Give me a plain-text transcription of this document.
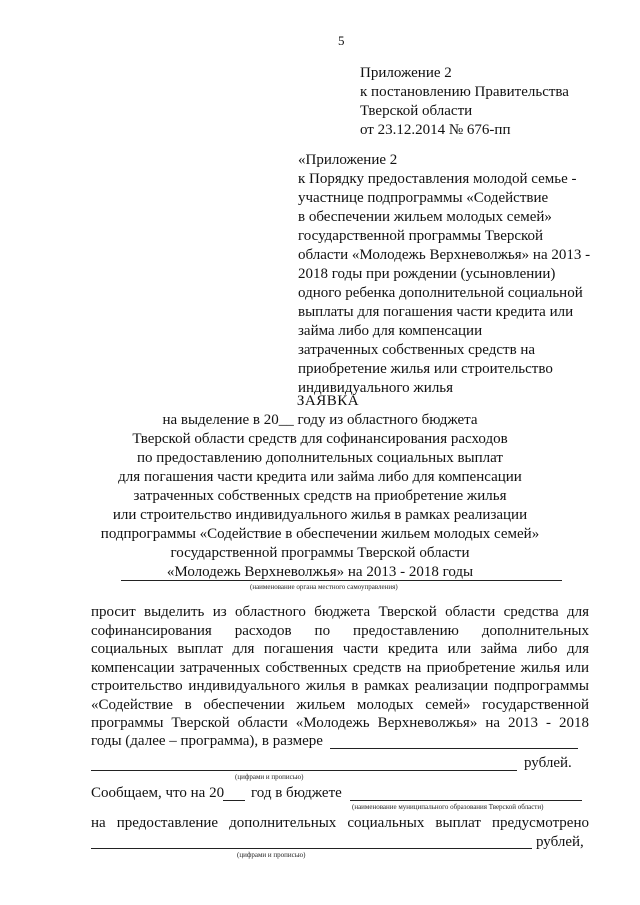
5
Приложение 2
к постановлению Правительства
Тверской области
от 23.12.2014 № 676-пп
«Приложение 2
к Порядку предоставления молодой семье -
участнице подпрограммы «Содействие
в обеспечении жильем молодых семей»
государственной программы Тверской
области «Молодежь Верхневолжья» на 2013 -
2018 годы при рождении (усыновлении)
одного ребенка дополнительной социальной
выплаты для погашения части кредита или
займа либо для компенсации
затраченных собственных средств на
приобретение жилья или строительство
индивидуального жилья
ЗАЯВКА
на выделение в 20__ году из областного бюджета
Тверской области средств для софинансирования расходов
по предоставлению дополнительных социальных выплат
для погашения части кредита или займа либо для компенсации
затраченных собственных средств на приобретение жилья
или строительство индивидуального жилья в рамках реализации
подпрограммы «Содействие в обеспечении жильем молодых семей»
государственной программы Тверской области
«Молодежь Верхневолжья» на 2013 - 2018 годы
(наименование органа местного самоуправления)
просит выделить из областного бюджета Тверской области средства для
софинансирования расходов по предоставлению дополнительных
социальных выплат для погашения части кредита или займа либо для
компенсации затраченных собственных средств на приобретение жилья или
строительство индивидуального жилья в рамках реализации подпрограммы
«Содействие в обеспечении жильем молодых семей» государственной
программы Тверской области «Молодежь Верхневолжья» на 2013 - 2018
годы (далее – программа), в размере
рублей.
(цифрами и прописью)
Сообщаем, что на 20 год в бюджете
(наименование муниципального образования Тверской области)
на предоставление дополнительных социальных выплат предусмотрено
рублей,
(цифрами и прописью)
